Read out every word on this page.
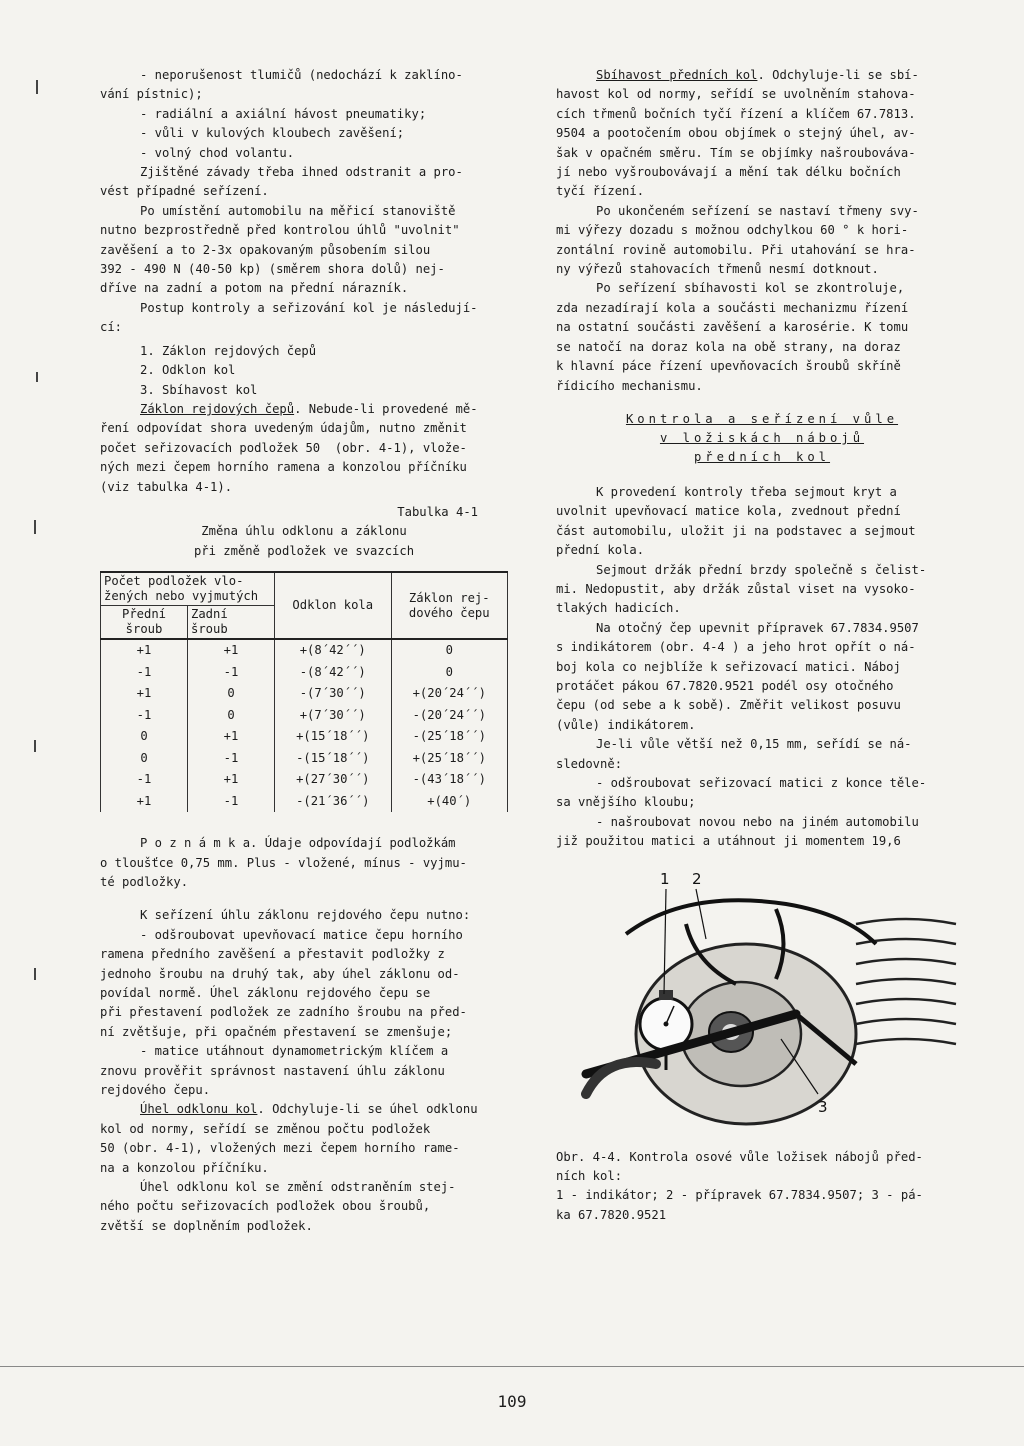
- neporušenost tlumičů (nedochází k zaklíno-

vání pístnic);

- radiální a axiální hávost pneumatiky;

- vůli v kulových kloubech zavěšení;

- volný chod volantu.

Zjištěné závady třeba ihned odstranit a pro-

vést případné seřízení.

Po umístění automobilu na měřicí stanoviště

nutno bezprostředně před kontrolou úhlů "uvolnit"

zavěšení a to 2-3x opakovaným působením silou

392 - 490 N (40-50 kp) (směrem shora dolů) nej-

dříve na zadní a potom na přední nárazník.

Postup kontroly a seřizování kol je následují-

cí:

1. Záklon rejdových čepů

2. Odklon kol

3. Sbíhavost kol

Záklon rejdových čepů. Nebude-li provedené mě-

ření odpovídat shora uvedeným údajům, nutno změnit

počet seřizovacích podložek 50  (obr. 4-1), vlože-

ných mezi čepem horního ramena a konzolou příčníku

(viz tabulka 4-1).

Tabulka 4-1

Změna úhlu odklonu a záklonu

při změně podložek ve svazcích

Počet podložek vlo-
žených nebo vyjmutých		Odklon kola	Záklon rej-
dového čepu
Přední
šroub	Zadní
šroub		
+1	+1	+(8´42´´)	0
-1	-1	-(8´42´´)	0
+1	0	-(7´30´´)	+(20´24´´)
-1	0	+(7´30´´)	-(20´24´´)
0	+1	+(15´18´´)	-(25´18´´)
0	-1	-(15´18´´)	+(25´18´´)
-1	+1	+(27´30´´)	-(43´18´´)
+1	-1	-(21´36´´)	+(40´)

P o z n á m k a. Údaje odpovídají podložkám

o tloušťce 0,75 mm. Plus - vložené, mínus - vyjmu-

té podložky.

K seřízení úhlu záklonu rejdového čepu nutno:

- odšroubovat upevňovací matice čepu horního

ramena předního zavěšení a přestavit podložky z

jednoho šroubu na druhý tak, aby úhel záklonu od-

povídal normě. Úhel záklonu rejdového čepu se

při přestavení podložek ze zadního šroubu na před-

ní zvětšuje, při opačném přestavení se zmenšuje;

- matice utáhnout dynamometrickým klíčem a

znovu prověřit správnost nastavení úhlu záklonu

rejdového čepu.

Úhel odklonu kol. Odchyluje-li se úhel odklonu

kol od normy, seřídí se změnou počtu podložek

50 (obr. 4-1), vložených mezi čepem horního rame-

na a konzolou příčníku.

Úhel odklonu kol se změní odstraněním stej-

ného počtu seřizovacích podložek obou šroubů,

zvětší se doplněním podložek.

Sbíhavost předních kol. Odchyluje-li se sbí-

havost kol od normy, seřídí se uvolněním stahova-

cích třmenů bočních tyčí řízení a klíčem 67.7813.

9504 a pootočením obou objímek o stejný úhel, av-

šak v opačném směru. Tím se objímky našroubováva-

jí nebo vyšroubovávají a mění tak délku bočních

tyčí řízení.

Po ukončeném seřízení se nastaví třmeny svy-

mi výřezy dozadu s možnou odchylkou 60 ° k hori-

zontální rovině automobilu. Při utahování se hra-

ny výřezů stahovacích třmenů nesmí dotknout.

Po seřízení sbíhavosti kol se zkontroluje,

zda nezadírají kola a součásti mechanizmu řízení

na ostatní součásti zavěšení a karosérie. K tomu

se natočí na doraz kola na obě strany, na doraz

k hlavní páce řízení upevňovacích šroubů skříně

řídicího mechanismu.

Kontrola a seřízení vůle
v ložiskách nábojů
předních kol

K provedení kontroly třeba sejmout kryt a

uvolnit upevňovací matice kola, zvednout přední

část automobilu, uložit ji na podstavec a sejmout

přední kola.

Sejmout držák přední brzdy společně s čelist-

mi. Nedopustit, aby držák zůstal viset na vysoko-

tlakých hadicích.

Na otočný čep upevnit přípravek 67.7834.9507

s indikátorem (obr. 4-4 ) a jeho hrot opřít o ná-

boj kola co nejblíže k seřizovací matici. Náboj

protáčet pákou 67.7820.9521 podél osy otočného

čepu (od sebe a k sobě). Změřit velikost posuvu

(vůle) indikátorem.

Je-li vůle větší než 0,15 mm, seřídí se ná-

sledovně:

- odšroubovat seřizovací matici z konce těle-

sa vnějšího kloubu;

- našroubovat novou nebo na jiném automobilu

již použitou matici a utáhnout ji momentem 19,6

1 2
3

Obr. 4-4. Kontrola osové vůle ložisek nábojů před-

ních kol:

1 - indikátor; 2 - přípravek 67.7834.9507; 3 - pá-

ka 67.7820.9521

109
